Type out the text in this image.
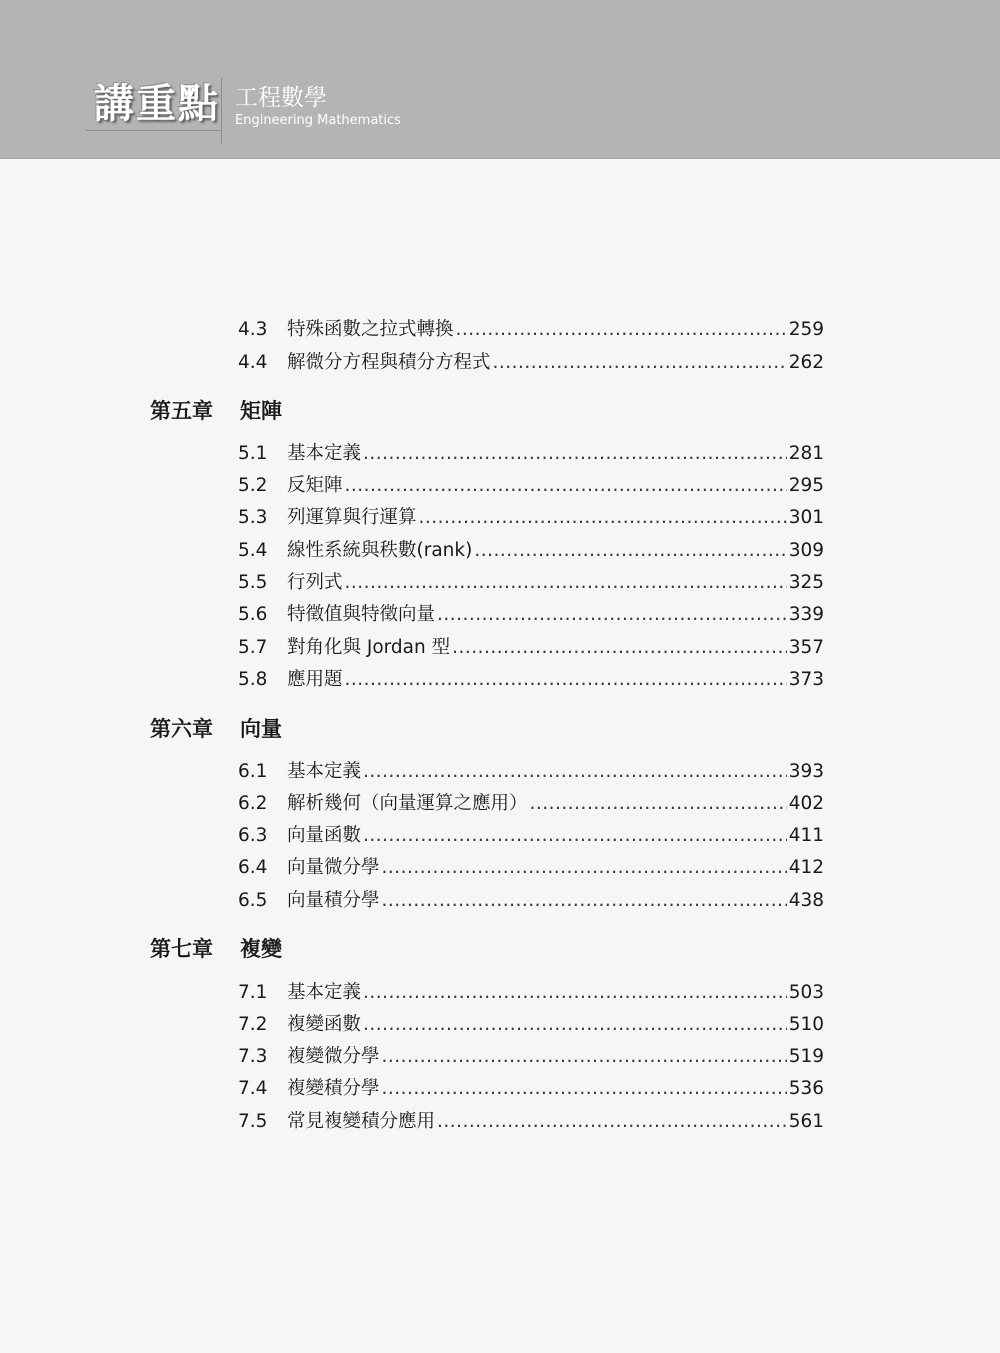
講重點 工程數學
Engineering Mathematics
4.3	特殊函數之拉式轉換 .....	259
4.4	解微分方程與積分方程式 .....	262
第五章 矩陣
5.1	基本定義 .....	281
5.2	反矩陣 .....	295
5.3	列運算與行運算 .....	301
5.4	線性系統與秩數(rank) .....	309
5.5	行列式 .....	325
5.6	特徵值與特徵向量 .....	339
5.7	對角化與 Jordan 型 .....	357
5.8	應用題 .....	373
第六章 向量
6.1	基本定義 .....	393
6.2	解析幾何（向量運算之應用） .....	402
6.3	向量函數 .....	411
6.4	向量微分學 .....	412
6.5	向量積分學 .....	438
第七章 複變
7.1	基本定義 .....	503
7.2	複變函數 .....	510
7.3	複變微分學 .....	519
7.4	複變積分學 .....	536
7.5	常見複變積分應用 .....	561
